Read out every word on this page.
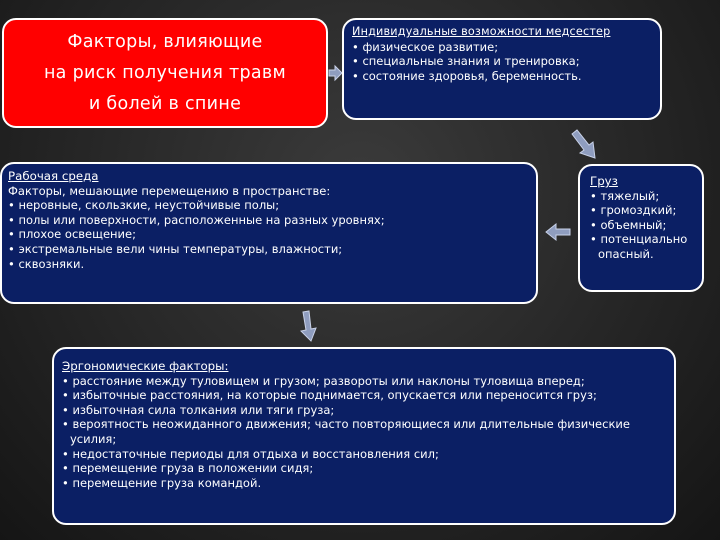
Факторы, влияющие
на риск получения травм
и болей в спине
Индивидуальные возможности медсестер
• физическое развитие;
• специальные знания и тренировка;
• состояние здоровья, беременность.
Рабочая среда
Факторы, мешающие перемещению в пространстве:
• неровные, скользкие, неустойчивые полы;
• полы или поверхности, расположенные на разных уровнях;
• плохое освещение;
• экстремальные вели чины температуры, влажности;
• сквозняки.
Груз
• тяжелый;
• громоздкий;
• объемный;
• потенциально опасный.
Эргономические факторы:
• расстояние между туловищем и грузом; развороты или наклоны туловища вперед;
• избыточные расстояния, на которые поднимается, опускается или переносится груз;
• избыточная сила толкания или тяги груза;
• вероятность неожиданного движения; часто повторяющиеся или длительные физические усилия;
• недостаточные периоды для отдыха и восстановления сил;
• перемещение груза в положении сидя;
• перемещение груза командой.
